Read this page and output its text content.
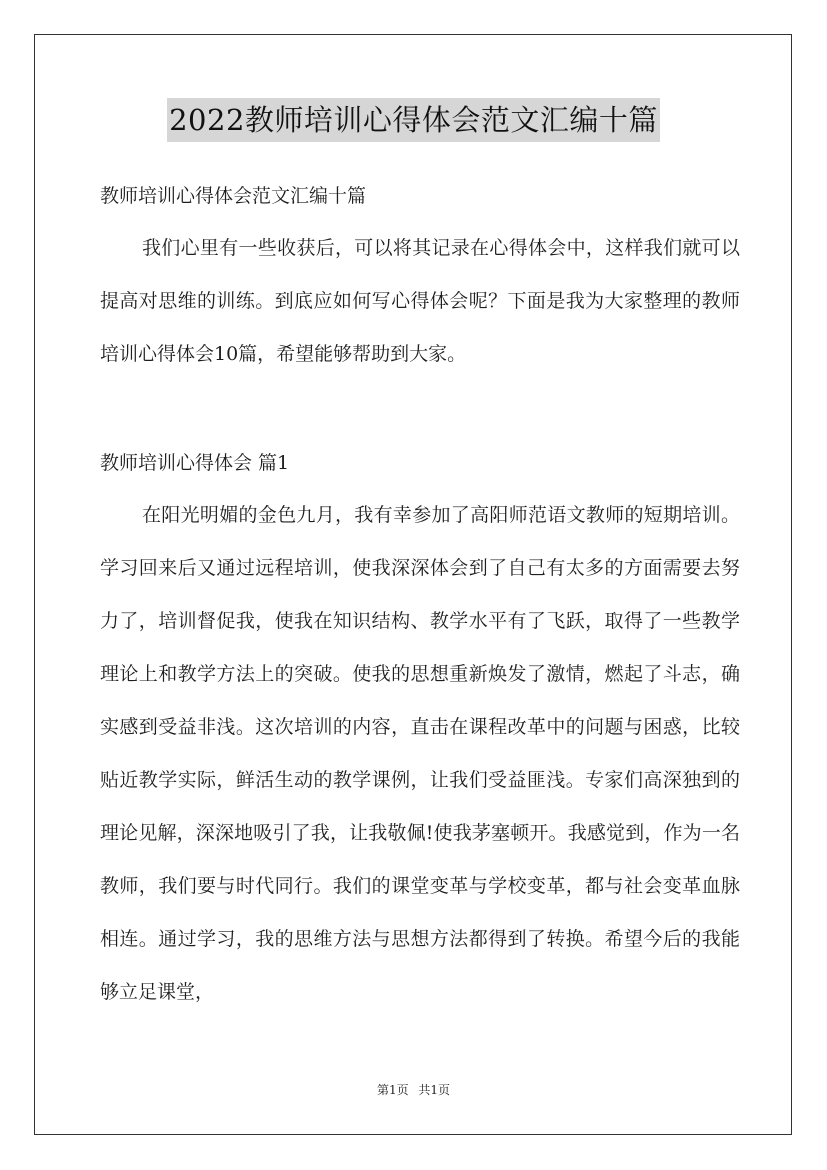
2022教师培训心得体会范文汇编十篇
教师培训心得体会范文汇编十篇
我们心里有一些收获后，可以将其记录在心得体会中，这样我们就可以提高对思维的训练。到底应如何写心得体会呢？下面是我为大家整理的教师培训心得体会10篇，希望能够帮助到大家。
教师培训心得体会 篇1
在阳光明媚的金色九月，我有幸参加了高阳师范语文教师的短期培训。学习回来后又通过远程培训，使我深深体会到了自己有太多的方面需要去努力了，培训督促我，使我在知识结构、教学水平有了飞跃，取得了一些教学理论上和教学方法上的突破。使我的思想重新焕发了激情，燃起了斗志，确实感到受益非浅。这次培训的内容，直击在课程改革中的问题与困惑，比较贴近教学实际，鲜活生动的教学课例，让我们受益匪浅。专家们高深独到的理论见解，深深地吸引了我，让我敬佩!使我茅塞顿开。我感觉到，作为一名教师，我们要与时代同行。我们的课堂变革与学校变革，都与社会变革血脉相连。通过学习，我的思维方法与思想方法都得到了转换。希望今后的我能够立足课堂，
第1页 共1页
